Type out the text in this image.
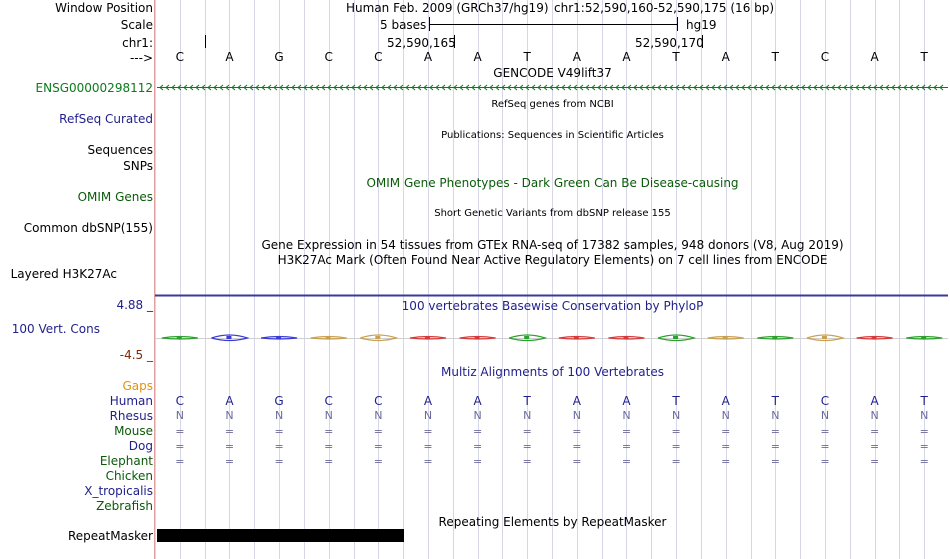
Window Position	Human Feb. 2009 (GRCh37/hg19) chr1:52,590,160-52,590,175 (16 bp)
Scale	5 bases	hg19
chr1:	52,590,165	52,590,170
--->	C	A	G	C	C	A	A	T	A	A	T	A	T	C	A	T
GENCODE V49lift37
ENSG00000298112
RefSeq genes from NCBI
RefSeq Curated
Publications: Sequences in Scientific Articles
Sequences
SNPs
OMIM Gene Phenotypes - Dark Green Can Be Disease-causing
OMIM Genes
Short Genetic Variants from dbSNP release 155
Common dbSNP(155)
Gene Expression in 54 tissues from GTEx RNA-seq of 17382 samples, 948 donors (V8, Aug 2019)
H3K27Ac Mark (Often Found Near Active Regulatory Elements) on 7 cell lines from ENCODE
Layered H3K27Ac
4.88 _	100 vertebrates Basewise Conservation by PhyloP
100 Vert. Cons
-4.5 _
Multiz Alignments of 100 Vertebrates
Gaps
Human	C	A	G	C	C	A	A	T	A	A	T	A	T	C	A	T
Rhesus	N	N	N	N	N	N	N	N	N	N	N	N	N	N	N	N
Mouse	=	=	=	=	=	=	=	=	=	=	=	=	=	=	=	=
Dog	=	=	=	=	=	=	=	=	=	=	=	=	=	=	=	=
Elephant	=	=	=	=	=	=	=	=	=	=	=	=	=	=	=	=
Chicken
X_tropicalis
Zebrafish
Repeating Elements by RepeatMasker
RepeatMasker
